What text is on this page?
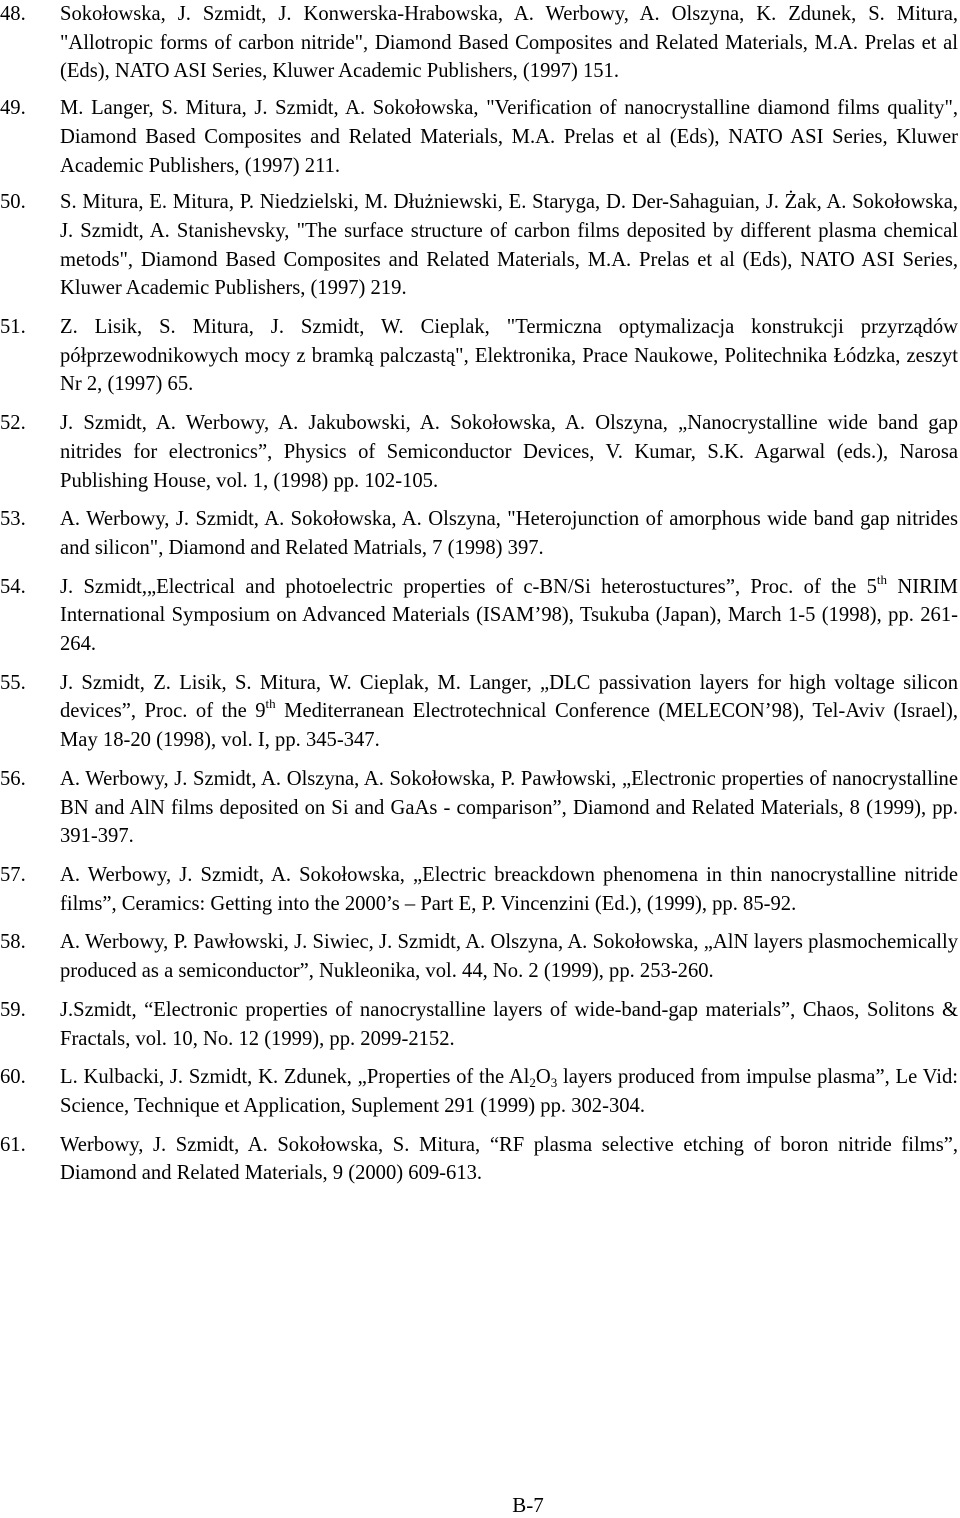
48. Sokołowska, J. Szmidt, J. Konwerska-Hrabowska, A. Werbowy, A. Olszyna, K. Zdunek, S. Mitura, "Allotropic forms of carbon nitride", Diamond Based Composites and Related Materials, M.A. Prelas et al (Eds), NATO ASI Series, Kluwer Academic Publishers, (1997) 151.
49. M. Langer, S. Mitura, J. Szmidt, A. Sokołowska, "Verification of nanocrystalline diamond films quality", Diamond Based Composites and Related Materials, M.A. Prelas et al (Eds), NATO ASI Series, Kluwer Academic Publishers, (1997) 211.
50. S. Mitura, E. Mitura, P. Niedzielski, M. Dłużniewski, E. Staryga, D. Der-Sahaguian, J. Żak, A. Sokołowska, J. Szmidt, A. Stanishevsky, "The surface structure of carbon films deposited by different plasma chemical metods", Diamond Based Composites and Related Materials, M.A. Prelas et al (Eds), NATO ASI Series, Kluwer Academic Publishers, (1997) 219.
51. Z. Lisik, S. Mitura, J. Szmidt, W. Cieplak, "Termiczna optymalizacja konstrukcji przyrządów półprzewodnikowych mocy z bramką palczastą", Elektronika, Prace Naukowe, Politechnika Łódzka, zeszyt Nr 2, (1997) 65.
52. J. Szmidt, A. Werbowy, A. Jakubowski, A. Sokołowska, A. Olszyna, „Nanocrystalline wide band gap nitrides for electronics”, Physics of Semiconductor Devices, V. Kumar, S.K. Agarwal (eds.), Narosa Publishing House, vol. 1, (1998) pp. 102-105.
53. A. Werbowy, J. Szmidt, A. Sokołowska, A. Olszyna, "Heterojunction of amorphous wide band gap nitrides and silicon", Diamond and Related Matrials, 7 (1998) 397.
54. J. Szmidt,„Electrical and photoelectric properties of c-BN/Si heterostuctures”, Proc. of the 5th NIRIM International Symposium on Advanced Materials (ISAM’98), Tsukuba (Japan), March 1-5 (1998), pp. 261-264.
55. J. Szmidt, Z. Lisik, S. Mitura, W. Cieplak, M. Langer, „DLC passivation layers for high voltage silicon devices”, Proc. of the 9th Mediterranean Electrotechnical Conference (MELECON’98), Tel-Aviv (Israel), May 18-20 (1998), vol. I, pp. 345-347.
56. A. Werbowy, J. Szmidt, A. Olszyna, A. Sokołowska, P. Pawłowski, „Electronic properties of nanocrystalline BN and AlN films deposited on Si and GaAs - comparison”, Diamond and Related Materials, 8 (1999), pp. 391-397.
57. A. Werbowy, J. Szmidt, A. Sokołowska, „Electric breackdown phenomena in thin nanocrystalline nitride films”, Ceramics: Getting into the 2000’s – Part E, P. Vincenzini (Ed.), (1999), pp. 85-92.
58. A. Werbowy, P. Pawłowski, J. Siwiec, J. Szmidt, A. Olszyna, A. Sokołowska, „AlN layers plasmochemically produced as a semiconductor”, Nukleonika, vol. 44, No. 2 (1999), pp. 253-260.
59. J.Szmidt, “Electronic properties of nanocrystalline layers of wide-band-gap materials”, Chaos, Solitons & Fractals, vol. 10, No. 12 (1999), pp. 2099-2152.
60. L. Kulbacki, J. Szmidt, K. Zdunek, „Properties of the $Al_2O_3$ layers produced from impulse plasma”, Le Vid: Science, Technique et Application, Suplement 291 (1999) pp. 302-304.
61. Werbowy, J. Szmidt, A. Sokołowska, S. Mitura, “RF plasma selective etching of boron nitride films”, Diamond and Related Materials, 9 (2000) 609-613.
B-7
